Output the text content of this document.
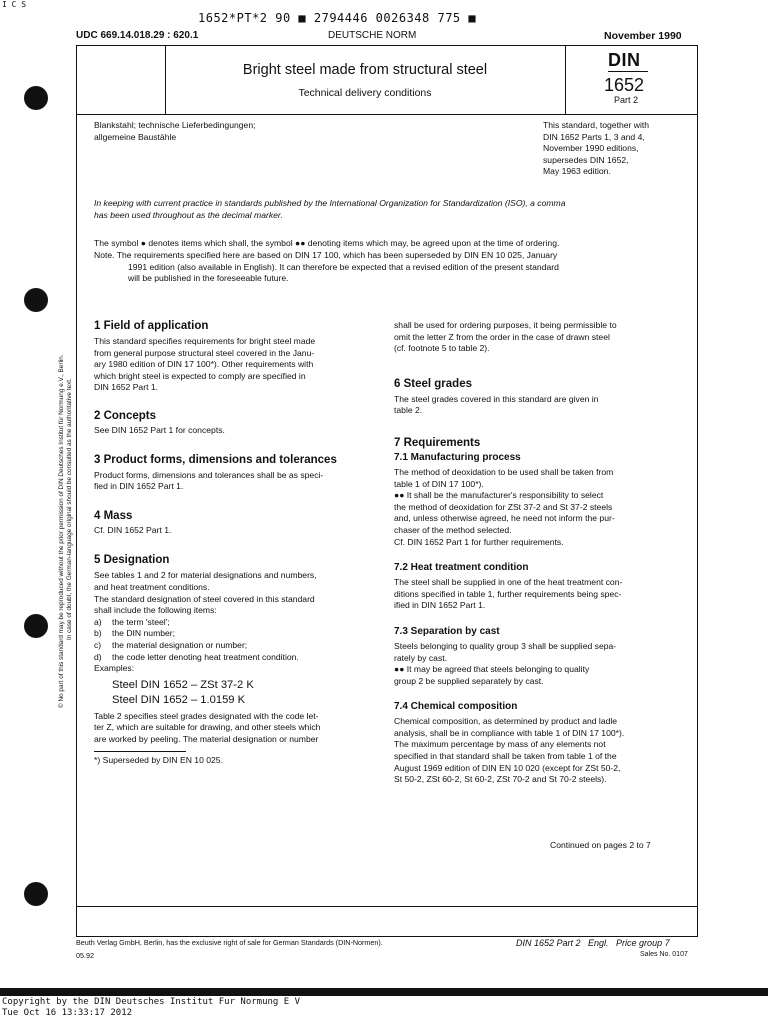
I C S
1652*PT*2 90 ■ 2794446 0026348 775 ■
UDC 669.14.018.29 : 620.1	DEUTSCHE NORM	November 1990
Bright steel made from structural steel
Technical delivery conditions
DIN
1652
Part 2
Blankstahl; technische Lieferbedingungen;
allgemeine Baustähle
This standard, together with
DIN 1652 Parts 1, 3 and 4,
November 1990 editions,
supersedes DIN 1652,
May 1963 edition.
In keeping with current practice in standards published by the International Organization for Standardization (ISO), a comma
has been used throughout as the decimal marker.
The symbol ● denotes items which shall, the symbol ●● denoting items which may, be agreed upon at the time of ordering.
Note. The requirements specified here are based on DIN 17 100, which has been superseded by DIN EN 10 025, January
1991 edition (also available in English). It can therefore be expected that a revised edition of the present standard
will be published in the foreseeable future.

1 Field of application

This standard specifies requirements for bright steel made

from general purpose structural steel covered in the Janu-

ary 1980 edition of DIN 17 100*). Other requirements with

which bright steel is expected to comply are specified in

DIN 1652 Part 1.

2 Concepts

See DIN 1652 Part 1 for concepts.

3 Product forms, dimensions and tolerances

Product forms, dimensions and tolerances shall be as speci-

fied in DIN 1652 Part 1.

4 Mass

Cf. DIN 1652 Part 1.

5 Designation

See tables 1 and 2 for material designations and numbers,

and heat treatment conditions.

The standard designation of steel covered in this standard

shall include the following items:

a) the term 'steel';
b) the DIN number;
c)	the material designation or number;
d) the code letter denoting heat treatment condition.

Examples:

Steel DIN 1652 – ZSt 37-2 K

Steel DIN 1652 – 1.0159 K

Table 2 specifies steel grades designated with the code let-

ter Z, which are suitable for drawing, and other steels which

are worked by peeling. The material designation or number

*) Superseded by DIN EN 10 025.

shall be used for ordering purposes, it being permissible to

omit the letter Z from the order in the case of drawn steel

(cf. footnote 5 to table 2).

6 Steel grades

The steel grades covered in this standard are given in

table 2.

7 Requirements

7.1 Manufacturing process

The method of deoxidation to be used shall be taken from

table 1 of DIN 17 100*).

●● It shall be the manufacturer's responsibility to select

the method of deoxidation for ZSt 37-2 and St 37-2 steels

and, unless otherwise agreed, he need not inform the pur-

chaser of the method selected.

Cf. DIN 1652 Part 1 for further requirements.

7.2 Heat treatment condition

The steel shall be supplied in one of the heat treatment con-

ditions specified in table 1, further requirements being spec-

ified in DIN 1652 Part 1.

7.3 Separation by cast

Steels belonging to quality group 3 shall be supplied sepa-

rately by cast.

●● It may be agreed that steels belonging to quality

group 2 be supplied separately by cast.

7.4 Chemical composition

Chemical composition, as determined by product and ladle

analysis, shall be in compliance with table 1 of DIN 17 100*).

The maximum percentage by mass of any elements not

specified in that standard shall be taken from table 1 of the

August 1969 edition of DIN EN 10 020 (except for ZSt 50-2,

St 50-2, ZSt 60-2, St 60-2, ZSt 70-2 and St 70-2 steels).

Continued on pages 2 to 7
© No part of this standard may be reproduced without the prior permission of DIN Deutsches Institut für Normung e.V., Berlin. In case of doubt, the German-language original should be consulted as the authoritative text.
Beuth Verlag GmbH, Berlin, has the exclusive right of sale for German Standards (DIN-Normen).
05.92
DIN 1652 Part 2   Engl.   Price group 7
Sales No. 0107
Copyright by the DIN Deutsches Institut Fur Normung E V
Tue Oct 16 13:33:17 2012
